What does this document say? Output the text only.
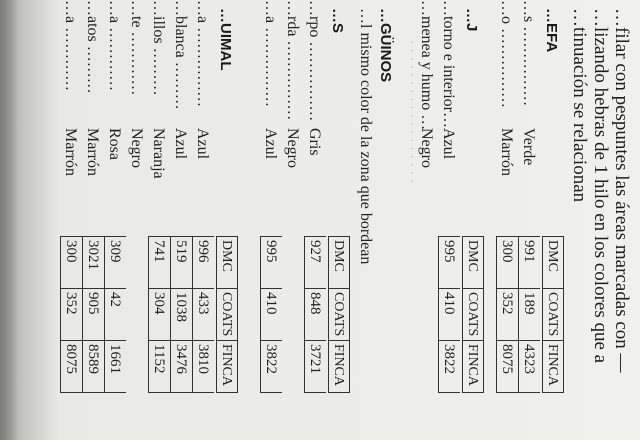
…filar con pespuntes las áreas marcadas con —
…lizando hebras de 1 hilo en los colores que a
…tinuación se relacionan
…EFA
DMC
COATS
FINCA
…s ……………
Verde
991
189
4323
…o ……………
Marrón
300
352
8075
…J
DMC
COATS
FINCA
…torno e interior…
Azul
995
410
3822
…menea y humo …
Negro
· · · · · · · · · · · · · · · · · ·
…GÜINOS
…l mismo color de la zona que bordean
…S
DMC
COATS
FINCA
…rpo ……………
Gris
927
848
3721
…rda ……………
Negro
…a ……………
Azul
995
410
3822
…UIMAL
DMC
COATS
FINCA
…a ……………
Azul
996
433
3810
…blanca ………
Azul
519
1038
3476
…illos ………
Naranja
741
304
1152
…te …………
Negro
…a …………
Rosa
309
42
1661
…atos ………
Marrón
3021
905
8589
…a …………
Marrón
300
352
8075
